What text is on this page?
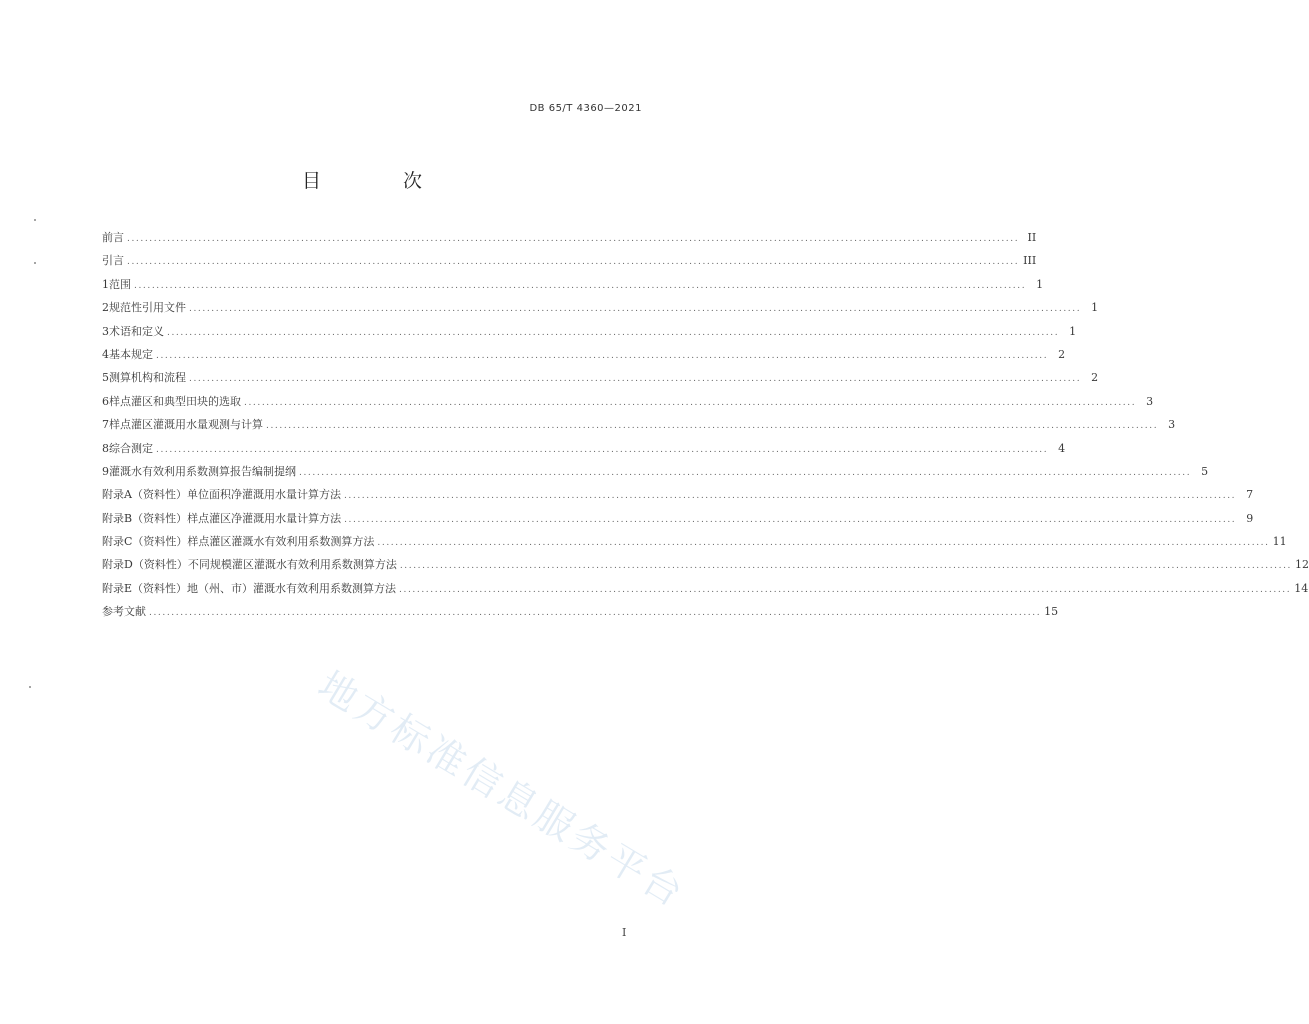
DB 65/T 4360—2021
目 次
前言 ........................................................................................................................................................................................................ II
引言 ........................................................................................................................................................................................................ III
1 范围 ........................................................................................................................................................................................................ 1
2 规范性引用文件 ........................................................................................................................................................................................................ 1
3 术语和定义 ........................................................................................................................................................................................................ 1
4 基本规定 ........................................................................................................................................................................................................ 2
5 测算机构和流程 ........................................................................................................................................................................................................ 2
6 样点灌区和典型田块的选取 ........................................................................................................................................................................................................ 3
7 样点灌区灌溉用水量观测与计算 ........................................................................................................................................................................................................ 3
8 综合测定 ........................................................................................................................................................................................................ 4
9 灌溉水有效利用系数测算报告编制提纲 ........................................................................................................................................................................................................ 5
附录A（资料性） 单位面积净灌溉用水量计算方法 ........................................................................................................................................................................................................ 7
附录B（资料性） 样点灌区净灌溉用水量计算方法 ........................................................................................................................................................................................................ 9
附录C（资料性） 样点灌区灌溉水有效利用系数测算方法 ........................................................................................................................................................................................................ 11
附录D（资料性） 不同规模灌区灌溉水有效利用系数测算方法 ........................................................................................................................................................................................................ 12
附录E（资料性） 地（州、市）灌溉水有效利用系数测算方法 ........................................................................................................................................................................................................ 14
参考文献 ........................................................................................................................................................................................................ 15
地方标准信息服务平台
I
